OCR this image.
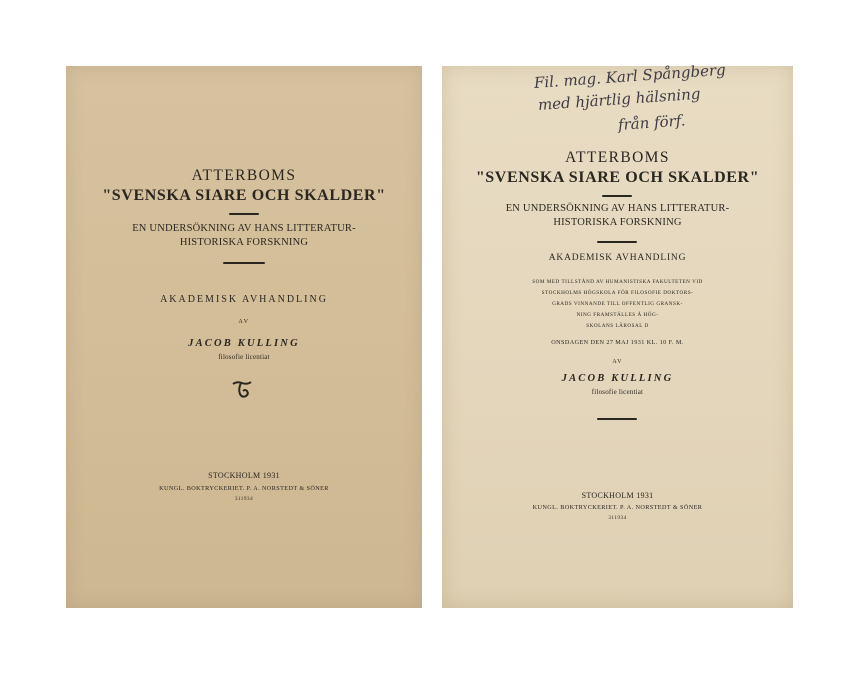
ATTERBOMS
"SVENSKA SIARE OCH SKALDER"
EN UNDERSÖKNING AV HANS LITTERATUR-
HISTORISKA FORSKNING
AKADEMISK AVHANDLING
AV
JACOB KULLING
filosofie licentiat
STOCKHOLM 1931
KUNGL. BOKTRYCKERIET. P. A. NORSTEDT & SÖNER
311934
Fil. mag. Karl Spångberg
med hjärtlig hälsning
från förf.
ATTERBOMS
"SVENSKA SIARE OCH SKALDER"
EN UNDERSÖKNING AV HANS LITTERATUR-
HISTORISKA FORSKNING
AKADEMISK AVHANDLING
SOM MED TILLSTÅND AV HUMANISTISKA FAKULTETEN VID
STOCKHOLMS HÖGSKOLA FÖR FILOSOFIE DOKTORS-
GRADS VINNANDE TILL OFFENTLIG GRANSK-
NING FRAMSTÄLLES Å HÖG-
SKOLANS LÄROSAL D
ONSDAGEN DEN 27 MAJ 1931 KL. 10 F. M.
AV
JACOB KULLING
filosofie licentiat
STOCKHOLM 1931
KUNGL. BOKTRYCKERIET. P. A. NORSTEDT & SÖNER
311934
